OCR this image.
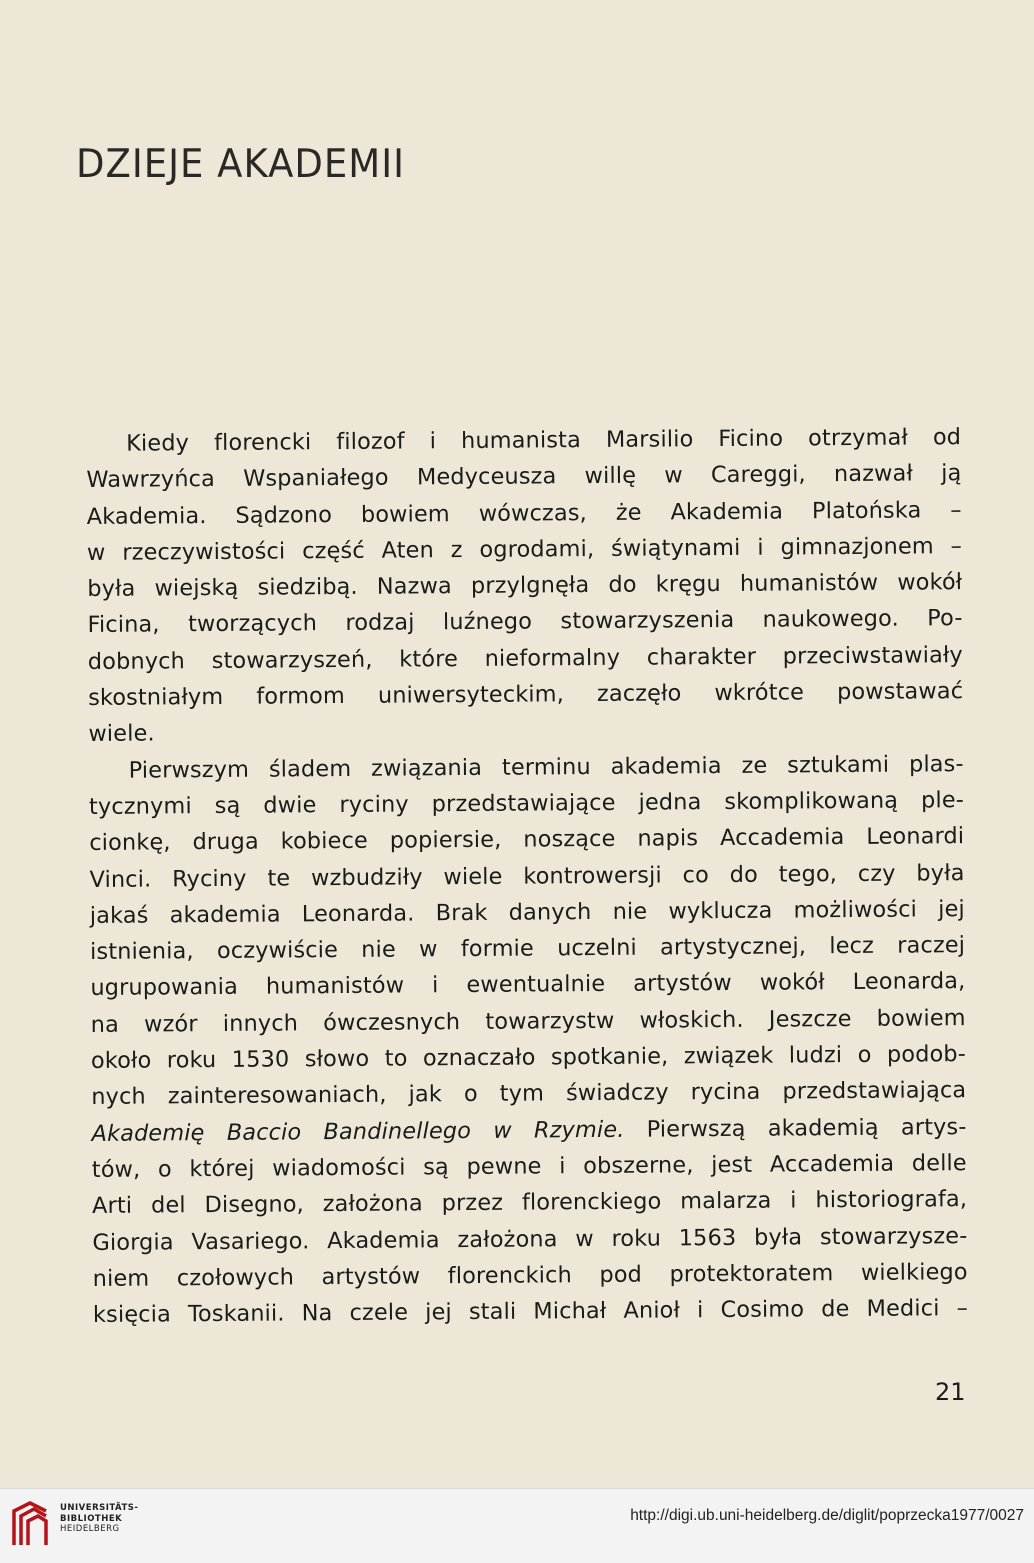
DZIEJE AKADEMII
Kiedy florencki filozof i humanista Marsilio Ficino otrzymał od
Wawrzyńca Wspaniałego Medyceusza willę w Careggi, nazwał ją
Akademia. Sądzono bowiem wówczas, że Akademia Platońska –
w rzeczywistości część Aten z ogrodami, świątynami i gimnazjonem –
była wiejską siedzibą. Nazwa przylgnęła do kręgu humanistów wokół
Ficina, tworzących rodzaj luźnego stowarzyszenia naukowego. Po-
dobnych stowarzyszeń, które nieformalny charakter przeciwstawiały
skostniałym formom uniwersyteckim, zaczęło wkrótce powstawać
wiele.
Pierwszym śladem związania terminu akademia ze sztukami plas-
tycznymi są dwie ryciny przedstawiające jedna skomplikowaną ple-
cionkę, druga kobiece popiersie, noszące napis Accademia Leonardi
Vinci. Ryciny te wzbudziły wiele kontrowersji co do tego, czy była
jakaś akademia Leonarda. Brak danych nie wyklucza możliwości jej
istnienia, oczywiście nie w formie uczelni artystycznej, lecz raczej
ugrupowania humanistów i ewentualnie artystów wokół Leonarda,
na wzór innych ówczesnych towarzystw włoskich. Jeszcze bowiem
około roku 1530 słowo to oznaczało spotkanie, związek ludzi o podob-
nych zainteresowaniach, jak o tym świadczy rycina przedstawiająca
Akademię Baccio Bandinellego w Rzymie. Pierwszą akademią artys-
tów, o której wiadomości są pewne i obszerne, jest Accademia delle
Arti del Disegno, założona przez florenckiego malarza i historiografa,
Giorgia Vasariego. Akademia założona w roku 1563 była stowarzysze-
niem czołowych artystów florenckich pod protektoratem wielkiego
księcia Toskanii. Na czele jej stali Michał Anioł i Cosimo de Medici –
21
UNIVERSITÄTS-
BIBLIOTHEK
HEIDELBERG
http://digi.ub.uni-heidelberg.de/diglit/poprzecka1977/0027
